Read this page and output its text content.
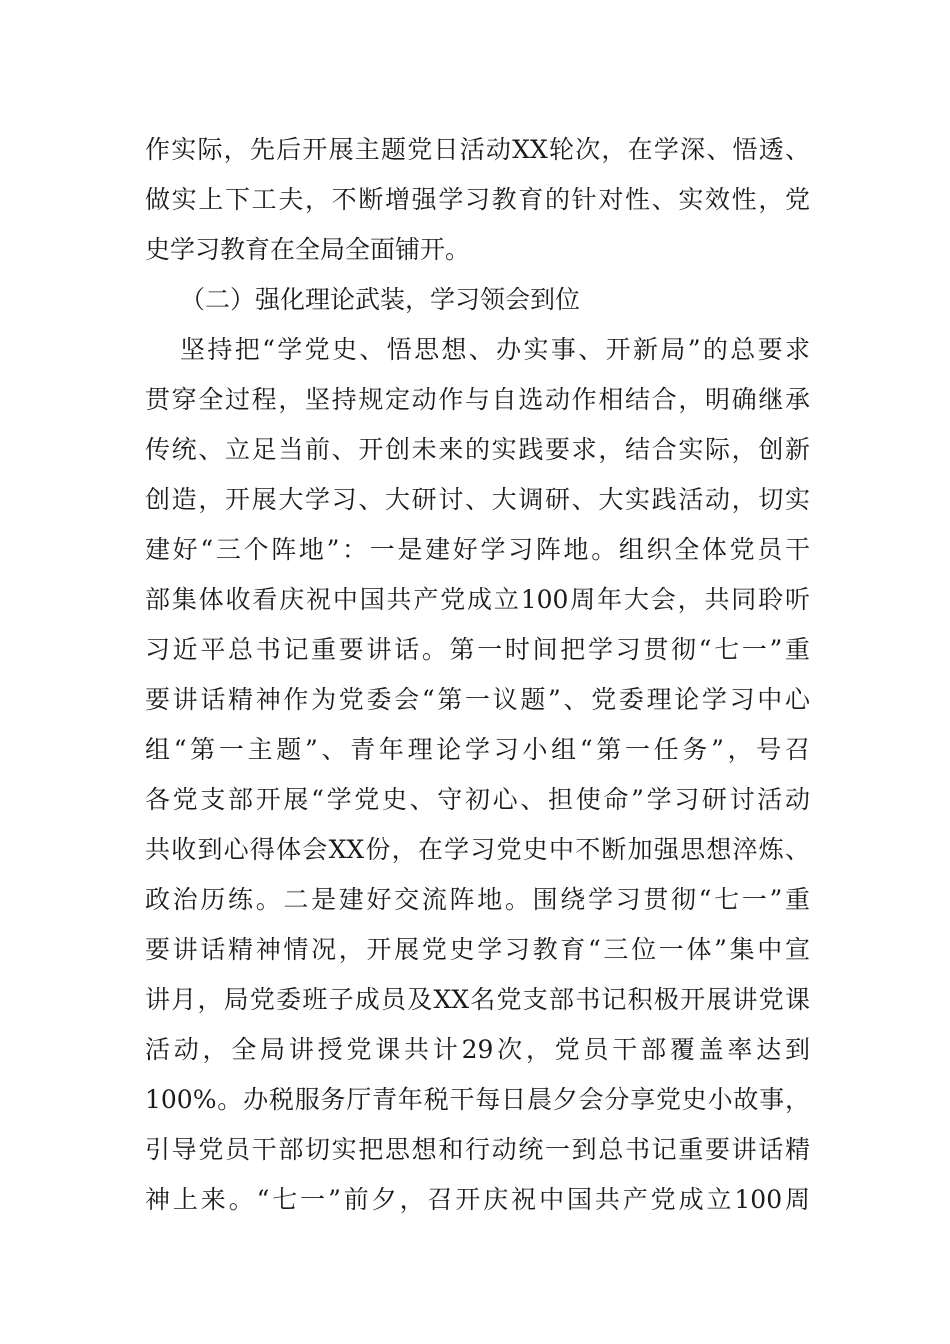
作实际，先后开展主题党日活动XX轮次，在学深、悟透、
做实上下工夫，不断增强学习教育的针对性、实效性，党
史学习教育在全局全面铺开。
（二）强化理论武装，学习领会到位
坚持把“学党史、悟思想、办实事、开新局”的总要求
贯穿全过程，坚持规定动作与自选动作相结合，明确继承
传统、立足当前、开创未来的实践要求，结合实际，创新
创造，开展大学习、大研讨、大调研、大实践活动，切实
建好“三个阵地”：一是建好学习阵地。组织全体党员干
部集体收看庆祝中国共产党成立100周年大会，共同聆听
习近平总书记重要讲话。第一时间把学习贯彻“七一”重
要讲话精神作为党委会“第一议题”、党委理论学习中心
组“第一主题”、青年理论学习小组“第一任务”，号召
各党支部开展“学党史、守初心、担使命”学习研讨活动
共收到心得体会XX份，在学习党史中不断加强思想淬炼、
政治历练。二是建好交流阵地。围绕学习贯彻“七一”重
要讲话精神情况，开展党史学习教育“三位一体”集中宣
讲月，局党委班子成员及XX名党支部书记积极开展讲党课
活动，全局讲授党课共计29次，党员干部覆盖率达到
100%。办税服务厅青年税干每日晨夕会分享党史小故事，
引导党员干部切实把思想和行动统一到总书记重要讲话精
神上来。“七一”前夕，召开庆祝中国共产党成立100周
